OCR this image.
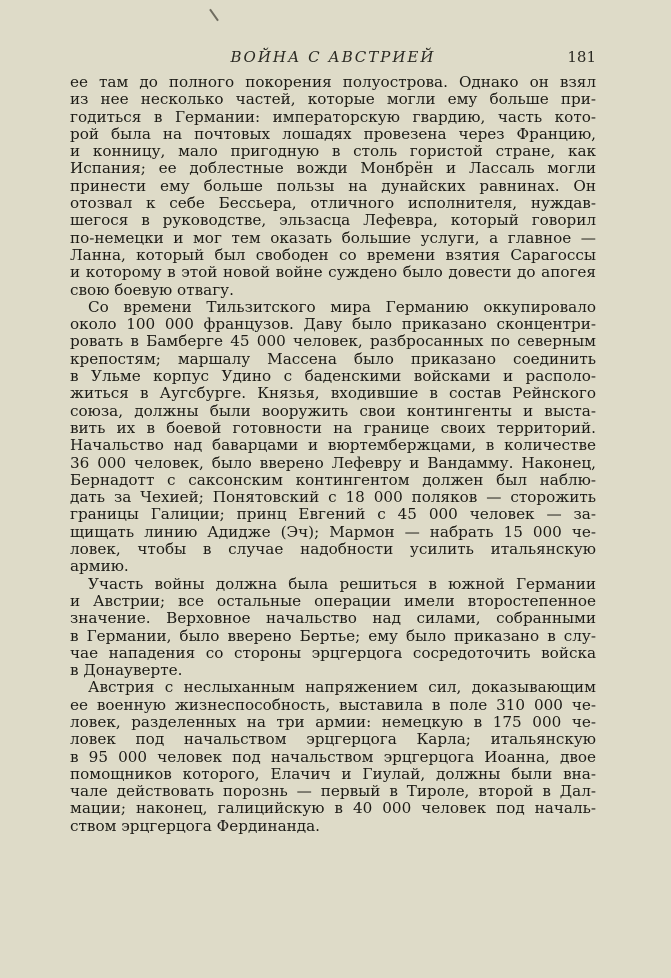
ВОЙНА С АВСТРИЕЙ	181
ее там до полного покорения полуострова. Однако он взял
из нее несколько частей, которые могли ему больше при-
годиться в Германии: императорскую гвардию, часть кото-
рой была на почтовых лошадях провезена через Францию,
и конницу, мало пригодную в столь гористой стране, как
Испания; ее доблестные вожди Монбрён и Лассаль могли
принести ему больше пользы на дунайских равнинах. Он
отозвал к себе Бессьера, отличного исполнителя, нуждав-
шегося в руководстве, эльзасца Лефевра, который говорил
по-немецки и мог тем оказать большие услуги, а главное —
Ланна, который был свободен со времени взятия Сарагоссы
и которому в этой новой войне суждено было довести до апогея
свою боевую отвагу.
Со времени Тильзитского мира Германию оккупировало
около 100 000 французов. Даву было приказано сконцентри-
ровать в Бамберге 45 000 человек, разбросанных по северным
крепостям; маршалу Массена было приказано соединить
в Ульме корпус Удино с баденскими войсками и располо-
житься в Аугсбурге. Князья, входившие в состав Рейнского
союза, должны были вооружить свои контингенты и выста-
вить их в боевой готовности на границе своих территорий.
Начальство над баварцами и вюртембержцами, в количестве
36 000 человек, было вверено Лефевру и Вандамму. Наконец,
Бернадотт с саксонским контингентом должен был наблю-
дать за Чехией; Понятовский с 18 000 поляков — сторожить
границы Галиции; принц Евгений с 45 000 человек — за-
щищать линию Адидже (Эч); Мармон — набрать 15 000 че-
ловек, чтобы в случае надобности усилить итальянскую
армию.
Участь войны должна была решиться в южной Германии
и Австрии; все остальные операции имели второстепенное
значение. Верховное начальство над силами, собранными
в Германии, было вверено Бертье; ему было приказано в слу-
чае нападения со стороны эрцгерцога сосредоточить войска
в Донауверте.
Австрия с неслыханным напряжением сил, доказывающим
ее военную жизнеспособность, выставила в поле 310 000 че-
ловек, разделенных на три армии: немецкую в 175 000 че-
ловек под начальством эрцгерцога Карла; итальянскую
в 95 000 человек под начальством эрцгерцога Иоанна, двое
помощников которого, Елачич и Гиулай, должны были вна-
чале действовать порознь — первый в Тироле, второй в Дал-
мации; наконец, галицийскую в 40 000 человек под началь-
ством эрцгерцога Фердинанда.
